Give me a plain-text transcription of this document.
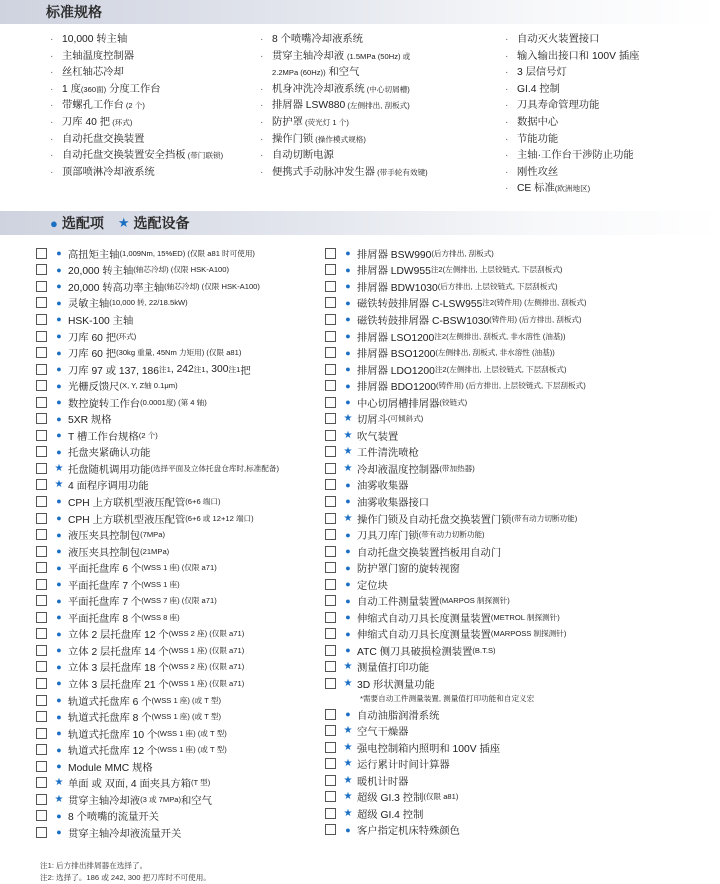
标准规格
· 10,000 转主轴
· 主轴温度控制器
· 丝杠轴芯冷却
· 1 度(360面) 分度工作台
· 带螺孔工作台 (2 个)
· 刀库 40 把 (环式)
· 自动托盘交换装置
· 自动托盘交换装置安全挡板 (带门联锁)
· 顶部喷淋冷却液系统
· 8 个喷嘴冷却液系统
· 贯穿主轴冷却液 (1.5MPa (50Hz) 或
2.2MPa (60Hz)) 和空气
· 机身冲洗冷却液系统 (中心切屑槽)
· 排屑器 LSW880 (左侧排出, 刮板式)
· 防护罩 (荧光灯 1 个)
· 操作门锁 (操作模式规格)
· 自动切断电源
· 便携式手动脉冲发生器 (带手轮有效键)
· 自动灭火装置接口
· 输入输出接口和 100V 插座
· 3 层信号灯
· GI.4 控制
· 刀具寿命管理功能
· 数据中心
· 节能功能
· 主轴·工作台干涉防止功能
· 刚性攻丝
· CE 标准(欧洲地区)
● 选配项 ★ 选配设备
● 高扭矩主轴 (1,009Nm, 15%ED) (仅限 a81 时可使用)
● 20,000 转主轴 (轴芯冷却) (仅限 HSK-A100)
● 20,000 转高功率主轴 (轴芯冷却) (仅限 HSK-A100)
● 灵敏主轴 (10,000 转, 22/18.5kW)
● HSK-100 主轴
● 刀库 60 把 (环式)
● 刀库 60 把 (30kg 重量, 45Nm 力矩用) (仅限 a81)
● 刀库 97 或 137, 186 注1 , 242 注1 , 300 注1 把
● 光栅反馈尺 (X, Y, Z轴 0.1μm)
● 数控旋转工作台 (0.0001度) (第 4 轴)
● 5XR 规格
● T 槽工作台规格 (2 个)
● 托盘夹紧确认功能
★ 托盘随机调用功能 (选择平面及立体托盘仓库时,标准配备)
★ 4 面程序调用功能
● CPH 上方联机型液压配管 (6+6 端口)
● CPH 上方联机型液压配管 (6+6 或 12+12 端口)
● 液压夹具控制包 (7MPa)
● 液压夹具控制包 (21MPa)
● 平面托盘库 6 个 (WSS 1 座) (仅限 a71)
● 平面托盘库 7 个 (WSS 1 座)
● 平面托盘库 7 个 (WSS 7 座) (仅限 a71)
● 平面托盘库 8 个 (WSS 8 座)
● 立体 2 层托盘库 12 个 (WSS 2 座) (仅限 a71)
● 立体 2 层托盘库 14 个 (WSS 1 座) (仅限 a71)
● 立体 3 层托盘库 18 个 (WSS 2 座) (仅限 a71)
● 立体 3 层托盘库 21 个 (WSS 1 座) (仅限 a71)
● 轨道式托盘库 6 个 (WSS 1 座) (或 T 型)
● 轨道式托盘库 8 个 (WSS 1 座) (或 T 型)
● 轨道式托盘库 10 个 (WSS 1 座) (或 T 型)
● 轨道式托盘库 12 个 (WSS 1 座) (或 T 型)
● Module MMC 规格
★ 单面 或 双面, 4 面夹具方箱 (T 型)
★ 贯穿主轴冷却液 (3 或 7MPa) 和空气
● 8 个喷嘴的流量开关
● 贯穿主轴冷却液流量开关
● 排屑器 BSW990 (后方排出, 刮板式)
● 排屑器 LDW955 注2 (左侧排出, 上层铰链式, 下层刮板式)
● 排屑器 BDW1030 (后方排出, 上层铰链式, 下层刮板式)
● 磁铁转鼓排屑器 C-LSW955 注2 (铸件用) (左侧排出, 刮板式)
● 磁铁转鼓排屑器 C-BSW1030 (铸件用) (后方排出, 刮板式)
● 排屑器 LSO1200 注2 (左侧排出, 刮板式, 非水溶性 (油基))
● 排屑器 BSO1200 (左侧排出, 刮板式, 非水溶性 (油基))
● 排屑器 LDO1200 注2 (左侧排出, 上层铰链式, 下层刮板式)
● 排屑器 BDO1200 (铸件用) (后方排出, 上层铰链式, 下层刮板式)
● 中心切屑槽排屑器 (铰链式)
★ 切屑斗 (可倾斜式)
★ 吹气装置
★ 工件清洗喷枪
★ 冷却液温度控制器 (带加热器)
● 油雾收集器
● 油雾收集器接口
★ 操作门锁及自动托盘交换装置门锁 (带有动力切断功能)
● 刀具刀库门锁 (带有动力切断功能)
● 自动托盘交换装置挡板用自动门
● 防护罩门窗的旋转视窗
● 定位块
● 自动工件测量装置 (MARPOS 制探测针)
● 伸缩式自动刀具长度测量装置 (METROL 制探测针)
● 伸缩式自动刀具长度测量装置 (MARPOSS 制探测针)
● ATC 侧刀具破损检测装置 (B.T.S)
★ 测量值打印功能
★ 3D 形状测量功能
*需要自动工件测量装置, 测量值打印功能和自定义宏
● 自动油脂润滑系统
★ 空气干燥器
★ 强电控制箱内照明和 100V 插座
★ 运行累计时间计算器
★ 暖机计时器
★ 超级 GI.3 控制 (仅限 a81)
★ 超级 GI.4 控制
● 客户指定机床特殊颜色
注1: 后方排出排屑器在选择了。
注2: 选择了。186 或 242, 300 把刀库时不可使用。
